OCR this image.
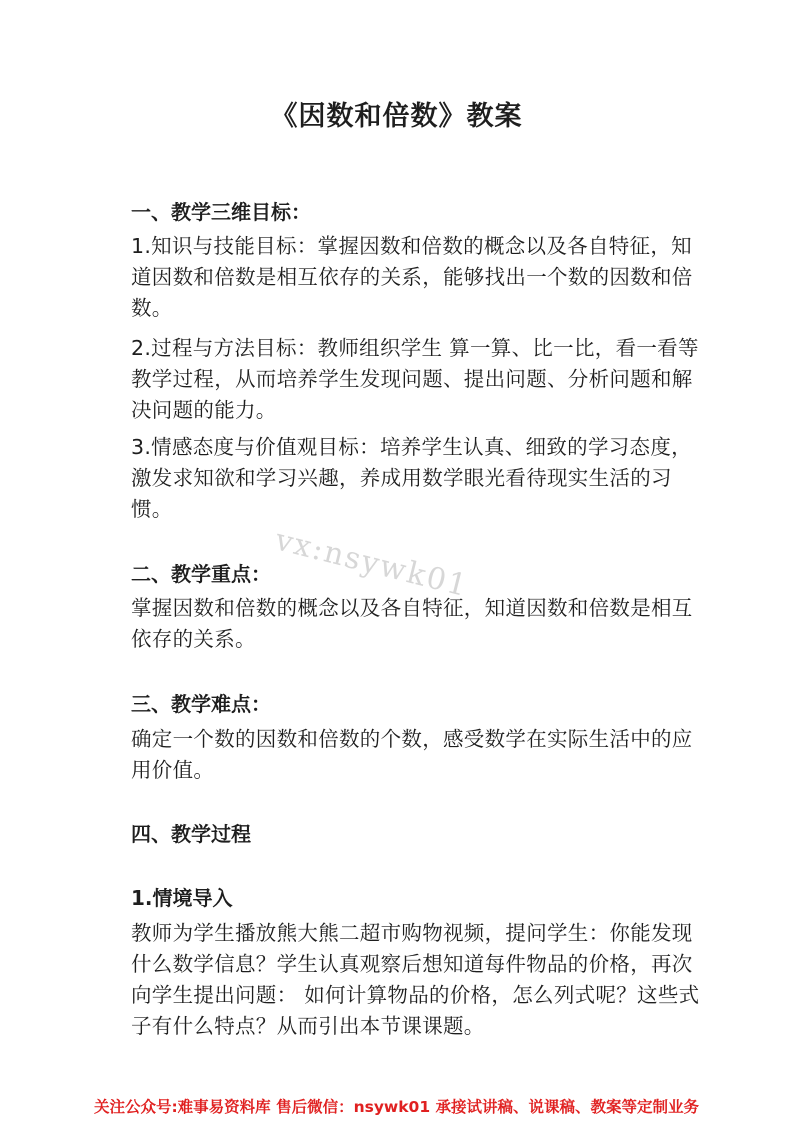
《因数和倍数》教案
一、教学三维目标：

1.知识与技能目标：掌握因数和倍数的概念以及各自特征，知道因数和倍数是相互依存的关系，能够找出一个数的因数和倍数。

2.过程与方法目标：教师组织学生 算一算、比一比，看一看等教学过程，从而培养学生发现问题、提出问题、分析问题和解决问题的能力。

3.情感态度与价值观目标：培养学生认真、细致的学习态度，激发求知欲和学习兴趣，养成用数学眼光看待现实生活的习惯。

二、教学重点：

掌握因数和倍数的概念以及各自特征，知道因数和倍数是相互依存的关系。

三、教学难点：

确定一个数的因数和倍数的个数，感受数学在实际生活中的应用价值。

四、教学过程
1.情境导入

教师为学生播放熊大熊二超市购物视频，提问学生：你能发现什么数学信息？学生认真观察后想知道每件物品的价格，再次向学生提出问题： 如何计算物品的价格，怎么列式呢？这些式子有什么特点？从而引出本节课课题。

vx:nsywk01
关注公众号:难事易资料库 售后微信：nsywk01 承接试讲稿、说课稿、教案等定制业务
